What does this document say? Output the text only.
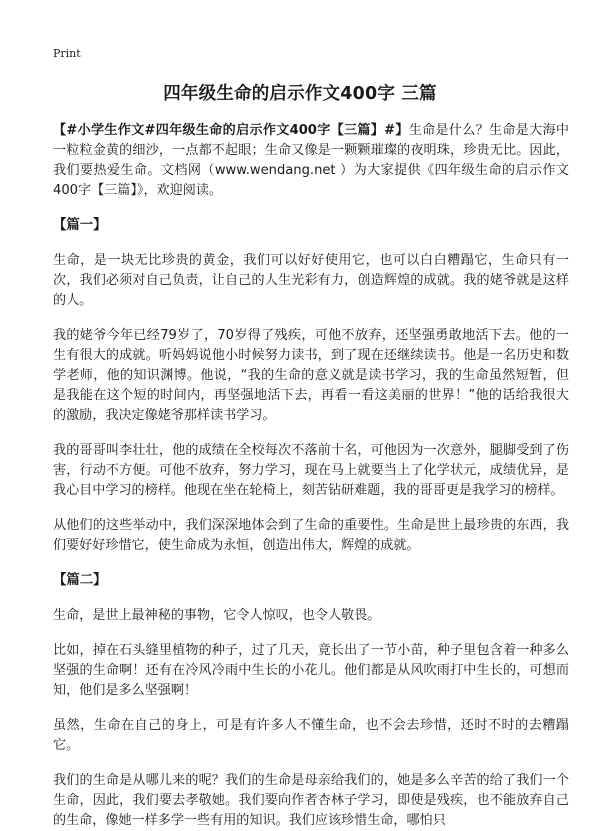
Print
四年级生命的启示作文400字 三篇

【#小学生作文#四年级生命的启示作文400字【三篇】#】生命是什么？生命是大海中一粒粒金黄的细沙，一点都不起眼；生命又像是一颗颗璀璨的夜明珠，珍贵无比。因此，我们要热爱生命。文档网（www.wendang.net ）为大家提供《四年级生命的启示作文400字【三篇】》，欢迎阅读。

【篇一】

生命，是一块无比珍贵的黄金，我们可以好好使用它，也可以白白糟蹋它，生命只有一次，我们必须对自己负责，让自己的人生光彩有力，创造辉煌的成就。我的姥爷就是这样的人。

我的姥爷今年已经79岁了，70岁得了残疾，可他不放弃，还坚强勇敢地活下去。他的一生有很大的成就。听妈妈说他小时候努力读书，到了现在还继续读书。他是一名历史和数学老师，他的知识渊博。他说，“我的生命的意义就是读书学习，我的生命虽然短暂，但是我能在这个短的时间内，再坚强地活下去，再看一看这美丽的世界！”他的话给我很大的激励，我决定像姥爷那样读书学习。

我的哥哥叫李壮壮，他的成绩在全校每次不落前十名，可他因为一次意外，腿脚受到了伤害，行动不方便。可他不放弃，努力学习，现在马上就要当上了化学状元，成绩优异，是我心目中学习的榜样。他现在坐在轮椅上，刻苦钻研难题，我的哥哥更是我学习的榜样。

从他们的这些举动中，我们深深地体会到了生命的重要性。生命是世上最珍贵的东西，我们要好好珍惜它，使生命成为永恒，创造出伟大，辉煌的成就。

【篇二】

生命，是世上最神秘的事物，它令人惊叹，也令人敬畏。

比如，掉在石头缝里植物的种子，过了几天，竟长出了一节小苗，种子里包含着一种多么坚强的生命啊！还有在冷风冷雨中生长的小花儿。他们都是从风吹雨打中生长的，可想而知，他们是多么坚强啊！

虽然，生命在自己的身上，可是有许多人不懂生命，也不会去珍惜，还时不时的去糟蹋它。

我们的生命是从哪儿来的呢？我们的生命是母亲给我们的，她是多么辛苦的给了我们一个生命，因此，我们要去孝敬她。我们要向作者杏林子学习，即使是残疾，也不能放弃自己的生命，像她一样多学一些有用的知识。我们应该珍惜生命，哪怕只
